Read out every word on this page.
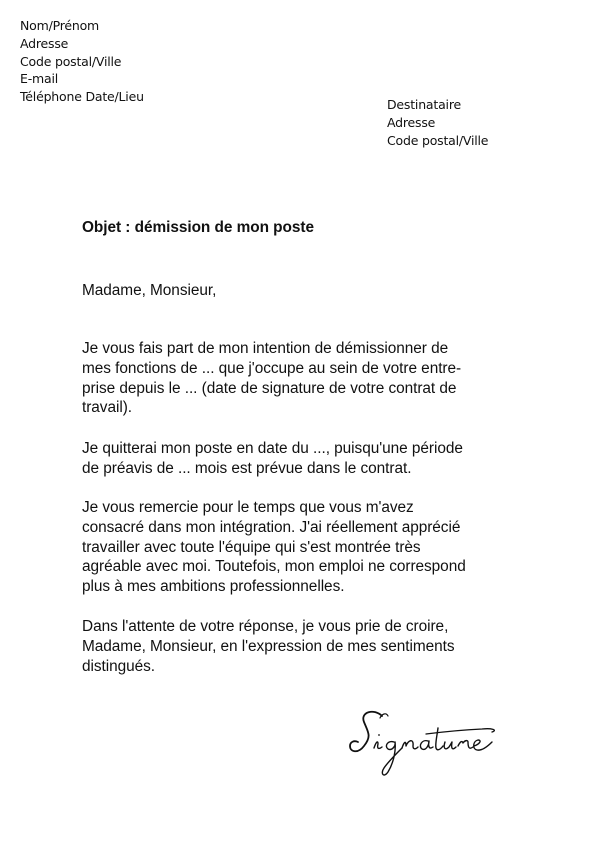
Nom/Prénom
Adresse
Code postal/Ville
E-mail
Téléphone Date/Lieu
Destinataire
Adresse
Code postal/Ville
Objet : démission de mon poste
Madame, Monsieur,
Je vous fais part de mon intention de démissionner de
mes fonctions de ... que j'occupe au sein de votre entre-
prise depuis le ... (date de signature de votre contrat de
travail).
Je quitterai mon poste en date du ..., puisqu'une période
de préavis de ... mois est prévue dans le contrat.
Je vous remercie pour le temps que vous m'avez
consacré dans mon intégration. J'ai réellement apprécié
travailler avec toute l'équipe qui s'est montrée très
agréable avec moi. Toutefois, mon emploi ne correspond
plus à mes ambitions professionnelles.
Dans l'attente de votre réponse, je vous prie de croire,
Madame, Monsieur, en l'expression de mes sentiments
distingués.
